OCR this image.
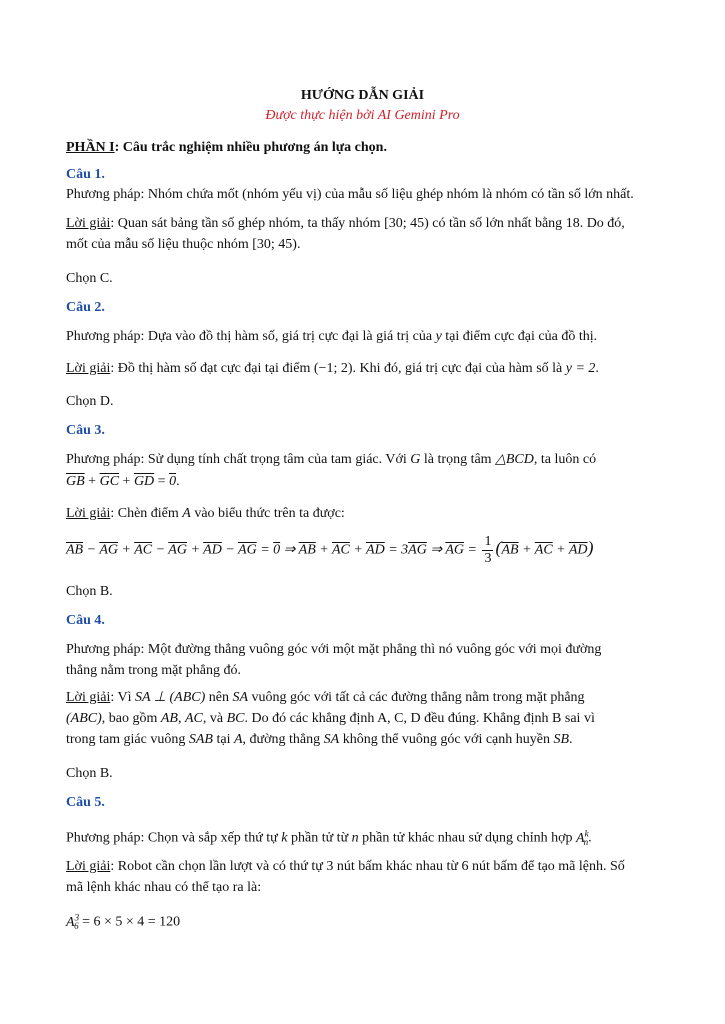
HƯỚNG DẪN GIẢI
Được thực hiện bởi AI Gemini Pro
PHẦN I: Câu trắc nghiệm nhiều phương án lựa chọn.
Câu 1.
Phương pháp: Nhóm chứa mốt (nhóm yếu vị) của mẫu số liệu ghép nhóm là nhóm có tần số lớn nhất.
Lời giải: Quan sát bảng tần số ghép nhóm, ta thấy nhóm [30; 45) có tần số lớn nhất bằng 18. Do đó,
mốt của mẫu số liệu thuộc nhóm [30; 45).
Chọn C.
Câu 2.
Phương pháp: Dựa vào đồ thị hàm số, giá trị cực đại là giá trị của y tại điểm cực đại của đồ thị.
Lời giải: Đồ thị hàm số đạt cực đại tại điểm (−1; 2). Khi đó, giá trị cực đại của hàm số là y = 2.
Chọn D.
Câu 3.
Phương pháp: Sử dụng tính chất trọng tâm của tam giác. Với G là trọng tâm △BCD, ta luôn có
$\overline{GB} + \overline{GC} + \overline{GD} = 0$.
Lời giải: Chèn điểm A vào biểu thức trên ta được:
$\overline{AB} - \overline{AG} + \overline{AC} - \overline{AG} + \overline{AD} - \overline{AG} = 0$ ⇒ $\overline{AB} + \overline{AC} + \overline{AD} = 3\overline{AG}$ ⇒ $\overline{AG} = \frac{1}{3} (\overline{AB} + \overline{AC} + \overline{AD})$
Chọn B.
Câu 4.
Phương pháp: Một đường thẳng vuông góc với một mặt phẳng thì nó vuông góc với mọi đường
thẳng nằm trong mặt phẳng đó.
Lời giải: Vì SA ⊥ (ABC) nên SA vuông góc với tất cả các đường thẳng nằm trong mặt phẳng
(ABC), bao gồm AB, AC, và BC. Do đó các khẳng định A, C, D đều đúng. Khẳng định B sai vì
trong tam giác vuông SAB tại A, đường thẳng SA không thể vuông góc với cạnh huyền SB.
Chọn B.
Câu 5.
Phương pháp: Chọn và sắp xếp thứ tự k phần tử từ n phần tử khác nhau sử dụng chỉnh hợp $A^k_n$.
Lời giải: Robot cần chọn lần lượt và có thứ tự 3 nút bấm khác nhau từ 6 nút bấm để tạo mã lệnh. Số
mã lệnh khác nhau có thể tạo ra là:
$A^3_6 = 6 \times 5 \times 4 = 120$
